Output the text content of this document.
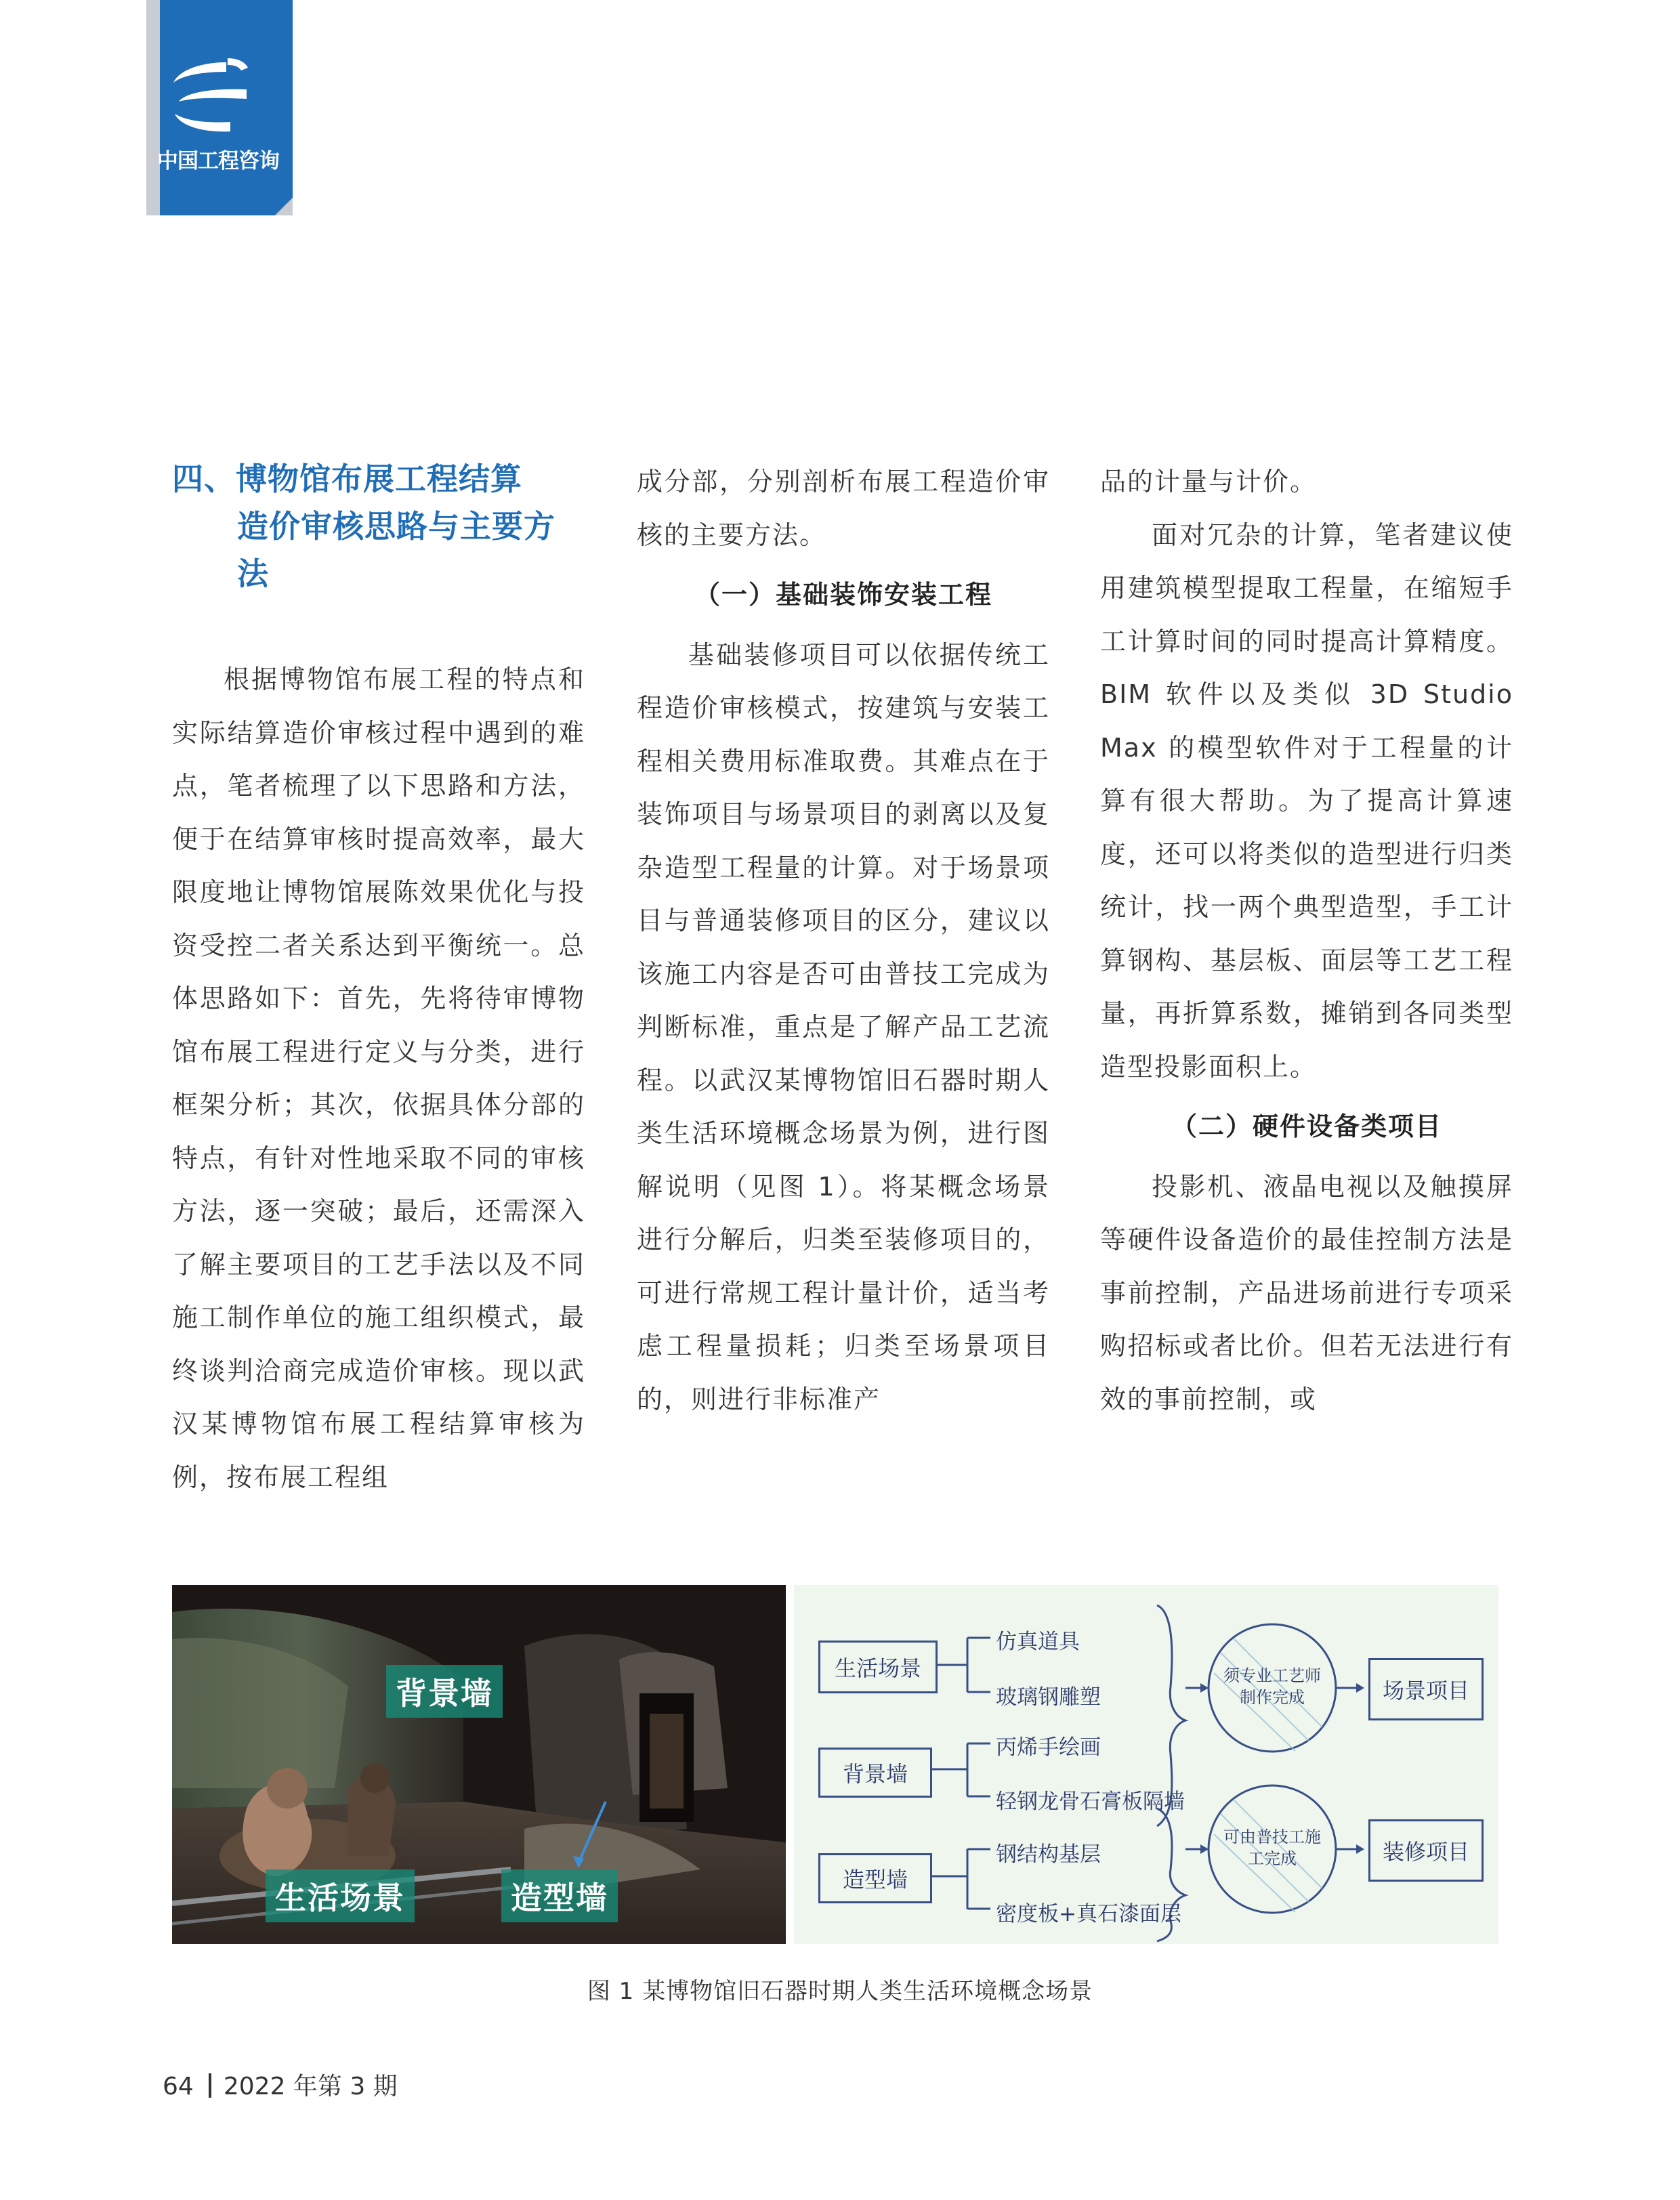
中国工程咨询
四、博物馆布展工程结算
造价审核思路与主要方法

根据博物馆布展工程的特点和实际结算造价审核过程中遇到的难点，笔者梳理了以下思路和方法，便于在结算审核时提高效率，最大限度地让博物馆展陈效果优化与投资受控二者关系达到平衡统一。总体思路如下：首先，先将待审博物馆布展工程进行定义与分类，进行框架分析；其次，依据具体分部的特点，有针对性地采取不同的审核方法，逐一突破；最后，还需深入了解主要项目的工艺手法以及不同施工制作单位的施工组织模式，最终谈判洽商完成造价审核。现以武汉某博物馆布展工程结算审核为例，按布展工程组

成分部，分别剖析布展工程造价审核的主要方法。

（一）基础装饰安装工程

基础装修项目可以依据传统工程造价审核模式，按建筑与安装工程相关费用标准取费。其难点在于装饰项目与场景项目的剥离以及复杂造型工程量的计算。对于场景项目与普通装修项目的区分，建议以该施工内容是否可由普技工完成为判断标准，重点是了解产品工艺流程。以武汉某博物馆旧石器时期人类生活环境概念场景为例，进行图解说明（见图 1）。将某概念场景进行分解后，归类至装修项目的，可进行常规工程计量计价，适当考虑工程量损耗；归类至场景项目的，则进行非标准产

品的计量与计价。

面对冗杂的计算，笔者建议使用建筑模型提取工程量，在缩短手工计算时间的同时提高计算精度。BIM 软件以及类似 3D Studio Max 的模型软件对于工程量的计算有很大帮助。为了提高计算速度，还可以将类似的造型进行归类统计，找一两个典型造型，手工计算钢构、基层板、面层等工艺工程量，再折算系数，摊销到各同类型造型投影面积上。

（二）硬件设备类项目

投影机、液晶电视以及触摸屏等硬件设备造价的最佳控制方法是事前控制，产品进场前进行专项采购招标或者比价。但若无法进行有效的事前控制，或

背景墙
生活场景	造型墙
生活场景
背景墙
造型墙
仿真道具
玻璃钢雕塑
丙烯手绘画
轻钢龙骨石膏板隔墙
钢结构基层
密度板+真石漆面层
须专业工艺师制作完成
可由普技工施工完成
场景项目
装修项目
图 1 某博物馆旧石器时期人类生活环境概念场景
64 2022 年第 3 期
